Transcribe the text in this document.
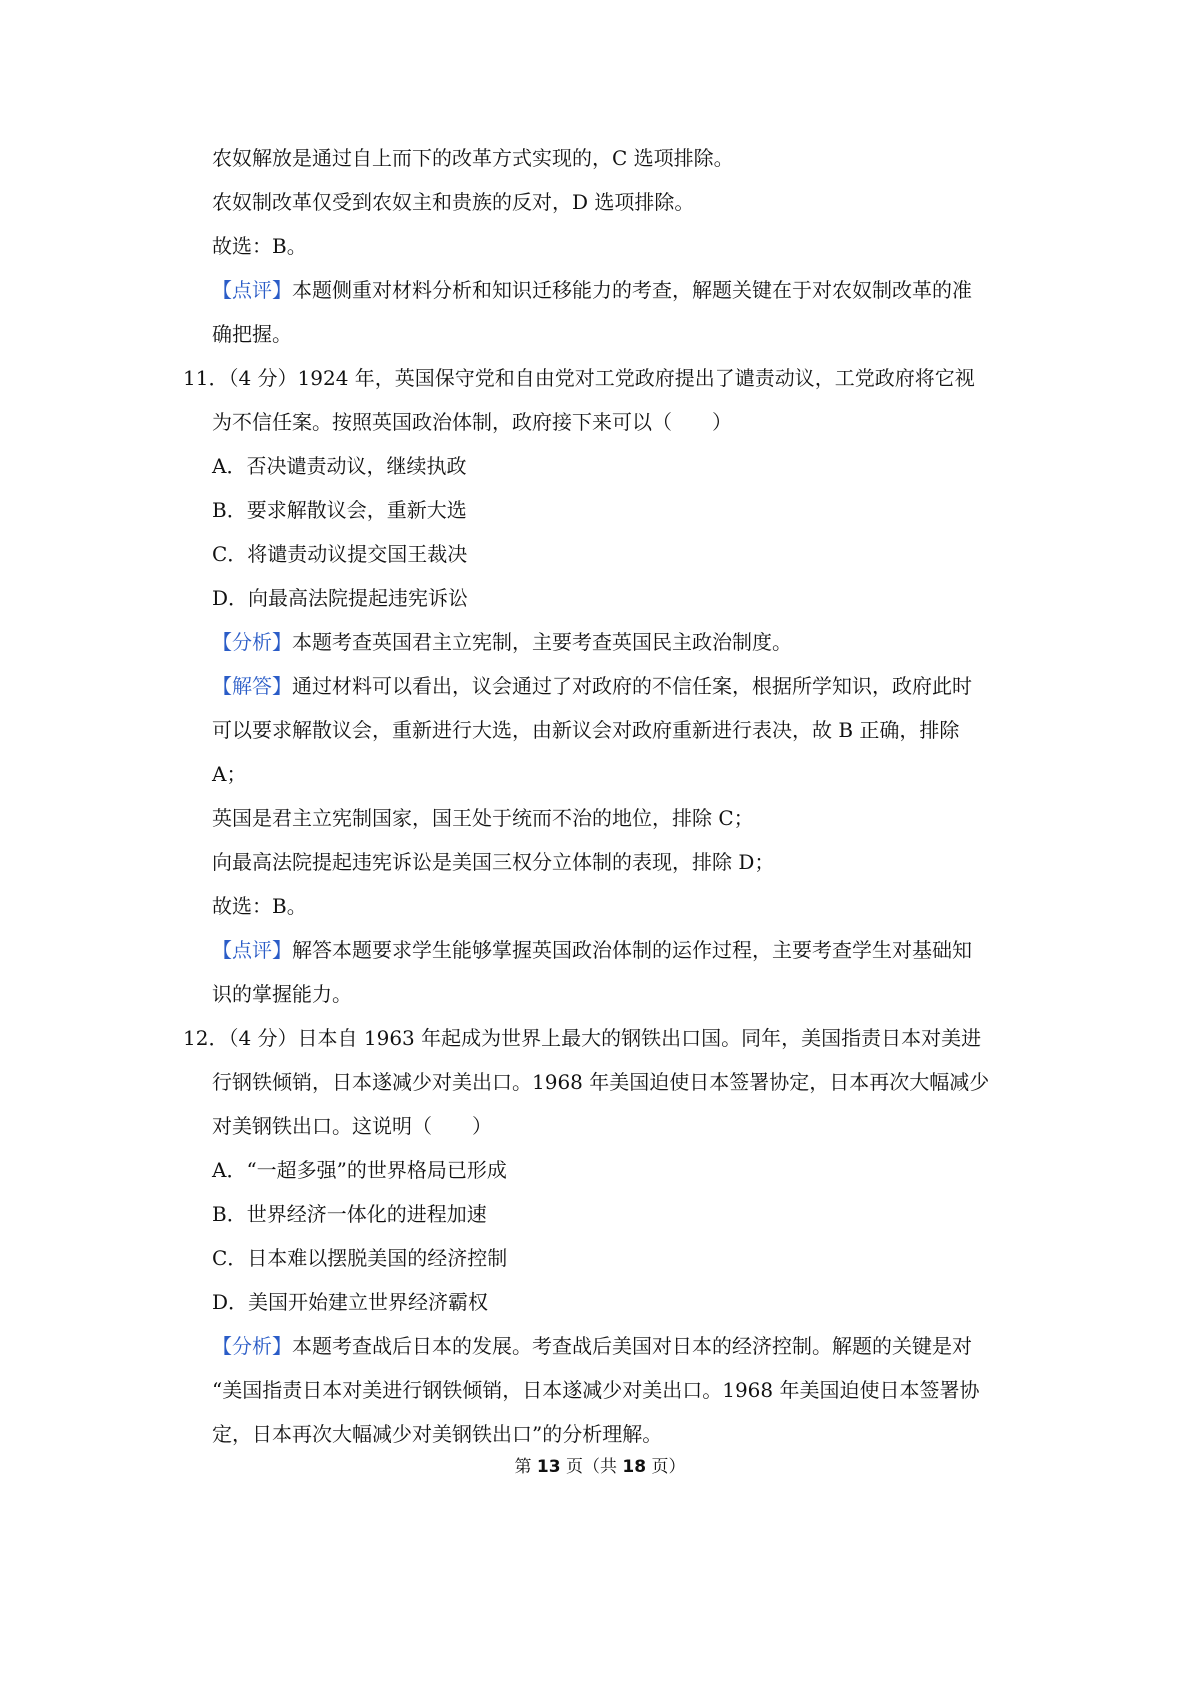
农奴解放是通过自上而下的改革方式实现的，C 选项排除。
农奴制改革仅受到农奴主和贵族的反对，D 选项排除。
故选：B。
【点评】本题侧重对材料分析和知识迁移能力的考查，解题关键在于对农奴制改革的准
确把握。
11．（4 分）1924 年，英国保守党和自由党对工党政府提出了谴责动议，工党政府将它视
为不信任案。按照英国政治体制，政府接下来可以（　　）
A．否决谴责动议，继续执政
B．要求解散议会，重新大选
C．将谴责动议提交国王裁决
D．向最高法院提起违宪诉讼
【分析】本题考查英国君主立宪制，主要考查英国民主政治制度。
【解答】通过材料可以看出，议会通过了对政府的不信任案，根据所学知识，政府此时
可以要求解散议会，重新进行大选，由新议会对政府重新进行表决，故 B 正确，排除
A；
英国是君主立宪制国家，国王处于统而不治的地位，排除 C；
向最高法院提起违宪诉讼是美国三权分立体制的表现，排除 D；
故选：B。
【点评】解答本题要求学生能够掌握英国政治体制的运作过程，主要考查学生对基础知
识的掌握能力。
12．（4 分）日本自 1963 年起成为世界上最大的钢铁出口国。同年，美国指责日本对美进
行钢铁倾销，日本遂减少对美出口。1968 年美国迫使日本签署协定，日本再次大幅减少
对美钢铁出口。这说明（　　）
A．“一超多强”的世界格局已形成
B．世界经济一体化的进程加速
C．日本难以摆脱美国的经济控制
D．美国开始建立世界经济霸权
【分析】本题考查战后日本的发展。考查战后美国对日本的经济控制。解题的关键是对
“美国指责日本对美进行钢铁倾销，日本遂减少对美出口。1968 年美国迫使日本签署协
定，日本再次大幅减少对美钢铁出口”的分析理解。
第 13 页（共 18 页）
